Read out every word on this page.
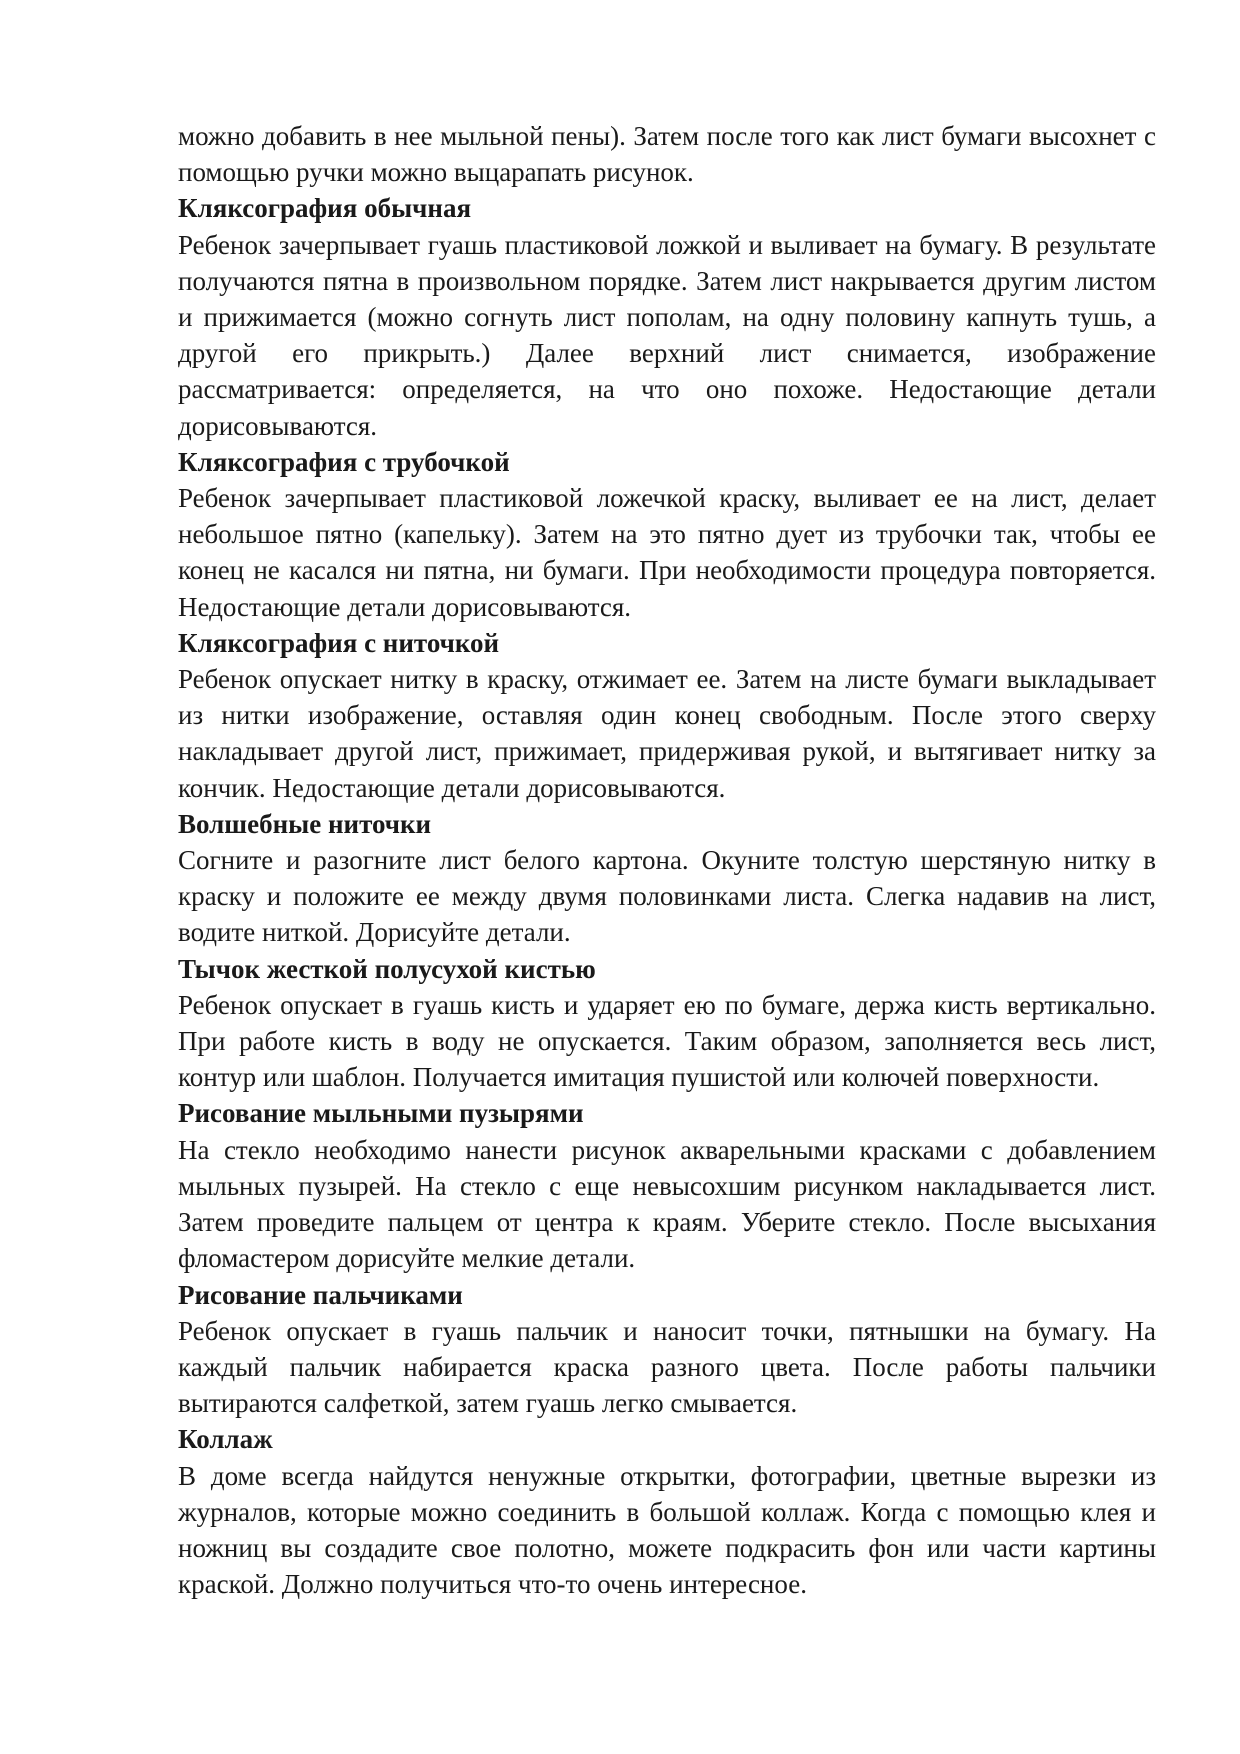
можно добавить в нее мыльной пены). Затем после того как лист бумаги высохнет с помощью ручки можно выцарапать рисунок.

Кляксография обычная

Ребенок зачерпывает гуашь пластиковой ложкой и выливает на бумагу. В результате получаются пятна в произвольном порядке. Затем лист накрывается другим листом и прижимается (можно согнуть лист пополам, на одну половину капнуть тушь, а другой его прикрыть.) Далее верхний лист снимается, изображение рассматривается: определяется, на что оно похоже. Недостающие детали дорисовываются.

Кляксография с трубочкой

Ребенок зачерпывает пластиковой ложечкой краску, выливает ее на лист, делает небольшое пятно (капельку). Затем на это пятно дует из трубочки так, чтобы ее конец не касался ни пятна, ни бумаги. При необходимости процедура повторяется. Недостающие детали дорисовываются.

Кляксография с ниточкой

Ребенок опускает нитку в краску, отжимает ее. Затем на листе бумаги выкладывает из нитки изображение, оставляя один конец свободным. После этого сверху накладывает другой лист, прижимает, придерживая рукой, и вытягивает нитку за кончик. Недостающие детали дорисовываются.

Волшебные ниточки

Согните и разогните лист белого картона. Окуните толстую шерстяную нитку в краску и положите ее между двумя половинками листа. Слегка надавив на лист, водите ниткой. Дорисуйте детали.

Тычок жесткой полусухой кистью

Ребенок опускает в гуашь кисть и ударяет ею по бумаге, держа кисть вертикально. При работе кисть в воду не опускается. Таким образом, заполняется весь лист, контур или шаблон. Получается имитация пушистой или колючей поверхности.

Рисование мыльными пузырями

На стекло необходимо нанести рисунок акварельными красками с добавлением мыльных пузырей. На стекло с еще невысохшим рисунком накладывается лист. Затем проведите пальцем от центра к краям. Уберите стекло. После высыхания фломастером дорисуйте мелкие детали.

Рисование пальчиками

Ребенок опускает в гуашь пальчик и наносит точки, пятнышки на бумагу. На каждый пальчик набирается краска разного цвета. После работы пальчики вытираются салфеткой, затем гуашь легко смывается.

Коллаж

В доме всегда найдутся ненужные открытки, фотографии, цветные вырезки из журналов, которые можно соединить в большой коллаж. Когда с помощью клея и ножниц вы создадите свое полотно, можете подкрасить фон или части картины краской. Должно получиться что-то очень интересное.
